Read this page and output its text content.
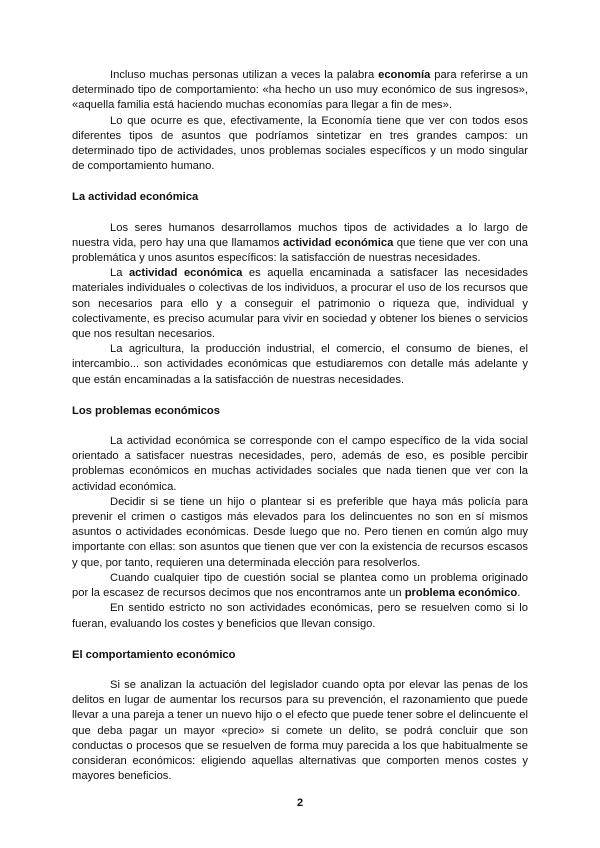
Incluso muchas personas utilizan a veces la palabra economía para referirse a un determinado tipo de comportamiento: «ha hecho un uso muy económico de sus ingresos», «aquella familia está haciendo muchas economías para llegar a fin de mes».

Lo que ocurre es que, efectivamente, la Economía tiene que ver con todos esos diferentes tipos de asuntos que podríamos sintetizar en tres grandes campos: un determinado tipo de actividades, unos problemas sociales específicos y un modo singular de comportamiento humano.

La actividad económica

Los seres humanos desarrollamos muchos tipos de actividades a lo largo de nuestra vida, pero hay una que llamamos actividad económica que tiene que ver con una problemática y unos asuntos específicos: la satisfacción de nuestras necesidades.

La actividad económica es aquella encaminada a satisfacer las necesidades materiales individuales o colectivas de los individuos, a procurar el uso de los recursos que son necesarios para ello y a conseguir el patrimonio o riqueza que, individual y colectivamente, es preciso acumular para vivir en sociedad y obtener los bienes o servicios que nos resultan necesarios.

La agricultura, la producción industrial, el comercio, el consumo de bienes, el intercambio... son actividades económicas que estudiaremos con detalle más adelante y que están encaminadas a la satisfacción de nuestras necesidades.

Los problemas económicos

La actividad económica se corresponde con el campo específico de la vida social orientado a satisfacer nuestras necesidades, pero, además de eso, es posible percibir problemas económicos en muchas actividades sociales que nada tienen que ver con la actividad económica.

Decidir si se tiene un hijo o plantear si es preferible que haya más policía para prevenir el crimen o castigos más elevados para los delincuentes no son en sí mismos asuntos o actividades económicas. Desde luego que no. Pero tienen en común algo muy importante con ellas: son asuntos que tienen que ver con la existencia de recursos escasos y que, por tanto, requieren una determinada elección para resolverlos.

Cuando cualquier tipo de cuestión social se plantea como un problema originado por la escasez de recursos decimos que nos encontramos ante un problema económico.

En sentido estricto no son actividades económicas, pero se resuelven como si lo fueran, evaluando los costes y beneficios que llevan consigo.

El comportamiento económico

Si se analizan la actuación del legislador cuando opta por elevar las penas de los delitos en lugar de aumentar los recursos para su prevención, el razonamiento que puede llevar a una pareja a tener un nuevo hijo o el efecto que puede tener sobre el delincuente el que deba pagar un mayor «precio» si comete un delito, se podrá concluir que son conductas o procesos que se resuelven de forma muy parecida a los que habitualmente se consideran económicos: eligiendo aquellas alternativas que comporten menos costes y mayores beneficios.

2
